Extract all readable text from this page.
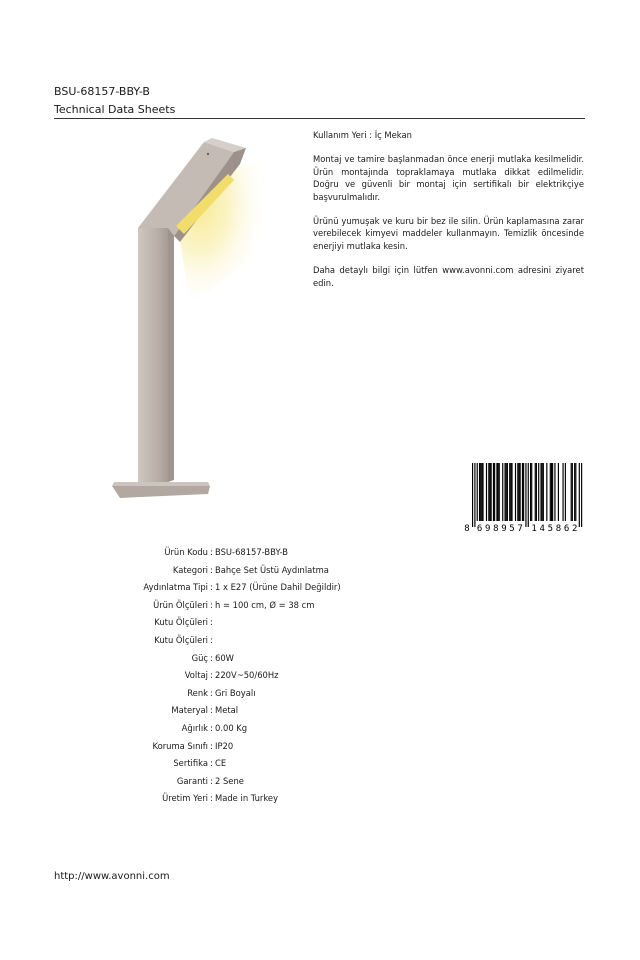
BSU-68157-BBY-B

Technical Data Sheets

Kullanım Yeri : İç Mekan

Montaj ve tamire başlanmadan önce enerji mutlaka kesilmelidir. Ürün montajında topraklamaya mutlaka dikkat edilmelidir. Doğru ve güvenli bir montaj için sertifikalı bir elektrikçiye başvurulmalıdır.

Ürünü yumuşak ve kuru bir bez ile silin. Ürün kaplamasına zarar verebilecek kimyevi maddeler kullanmayın. Temizlik öncesinde enerjiyi mutlaka kesin.

Daha detaylı bilgi için lütfen www.avonni.com adresini ziyaret edin.

8 6 9 8 9 5 7 1 4 5 8 6 2
Ürün Kodu : BSU-68157-BBY-B
Kategori : Bahçe Set Üstü Aydınlatma
Aydınlatma Tipi : 1 x E27 (Ürüne Dahil Değildir)
Ürün Ölçüleri : h = 100 cm, Ø = 38 cm
Kutu Ölçüleri :
Kutu Ölçüleri :
Güç : 60W
Voltaj : 220V~50/60Hz
Renk : Gri Boyalı
Materyal : Metal
Ağırlık : 0.00 Kg
Koruma Sınıfı : IP20
Sertifika : CE
Garanti : 2 Sene
Üretim Yeri : Made in Turkey
http://www.avonni.com
